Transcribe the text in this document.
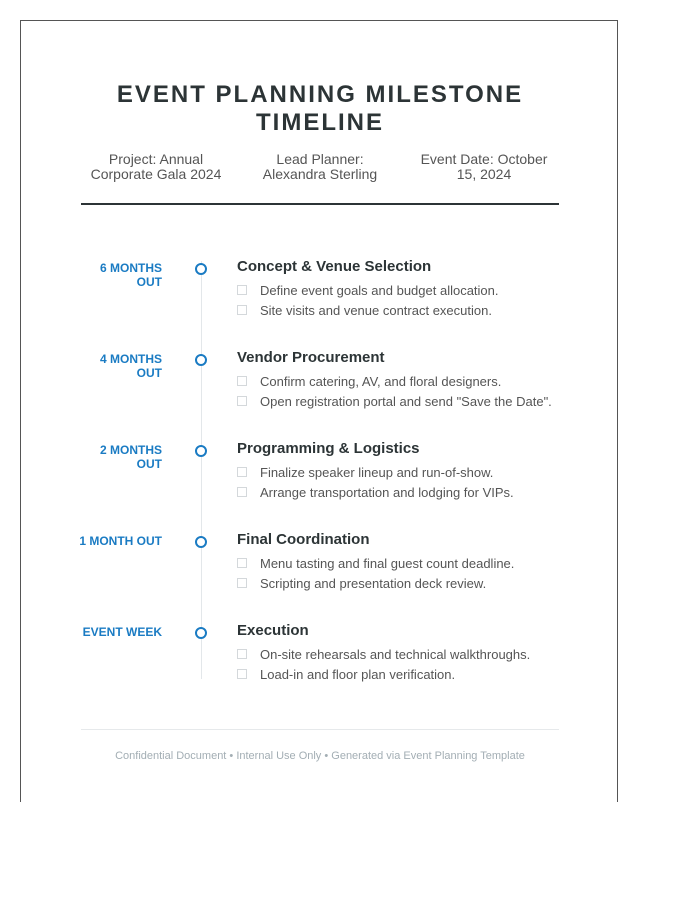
EVENT PLANNING MILESTONE TIMELINE
Project: Annual Corporate Gala 2024
Lead Planner: Alexandra Sterling
Event Date: October 15, 2024
6 MONTHS OUT
Concept & Venue Selection
Define event goals and budget allocation.
Site visits and venue contract execution.
4 MONTHS OUT
Vendor Procurement
Confirm catering, AV, and floral designers.
Open registration portal and send "Save the Date".
2 MONTHS OUT
Programming & Logistics
Finalize speaker lineup and run-of-show.
Arrange transportation and lodging for VIPs.
1 MONTH OUT	Final Coordination
Menu tasting and final guest count deadline.
Scripting and presentation deck review.
EVENT WEEK	Execution
On-site rehearsals and technical walkthroughs.
Load-in and floor plan verification.
Confidential Document • Internal Use Only • Generated via Event Planning Template
